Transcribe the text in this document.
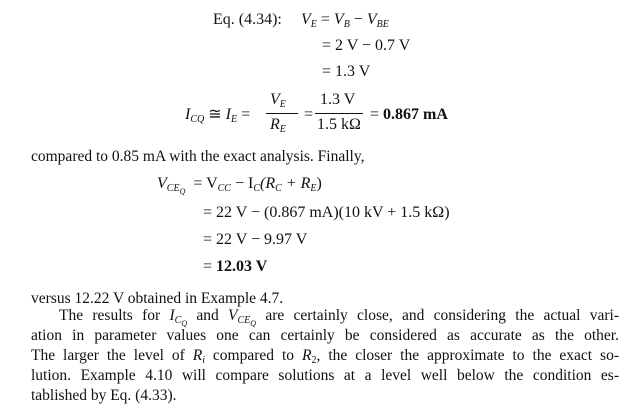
Eq. (4.34): $V_E = V_B - V_{BE}$
= 2 V − 0.7 V
= 1.3 V
$I_{CQ}$ ≅ $I_E$ =
$V_E$
$R_E$
=
1.3 V
1.5 kΩ
= 0.867 mA
compared to 0.85 mA with the exact analysis. Finally,
$V_{CE_Q} = V_{CC} - I_C(R_C + R_E)$
= 22 V − (0.867 mA)(10 kV + 1.5 kΩ)
= 22 V − 9.97 V
= 12.03 V
versus 12.22 V obtained in Example 4.7.
The results for $I_{C_Q}$ and $V_{CE_Q}$ are certainly close, and considering the actual vari-
ation in parameter values one can certainly be considered as accurate as the other.
The larger the level of $R_i$ compared to $R_2$, the closer the approximate to the exact so-
lution. Example 4.10 will compare solutions at a level well below the condition es-
tablished by Eq. (4.33).
